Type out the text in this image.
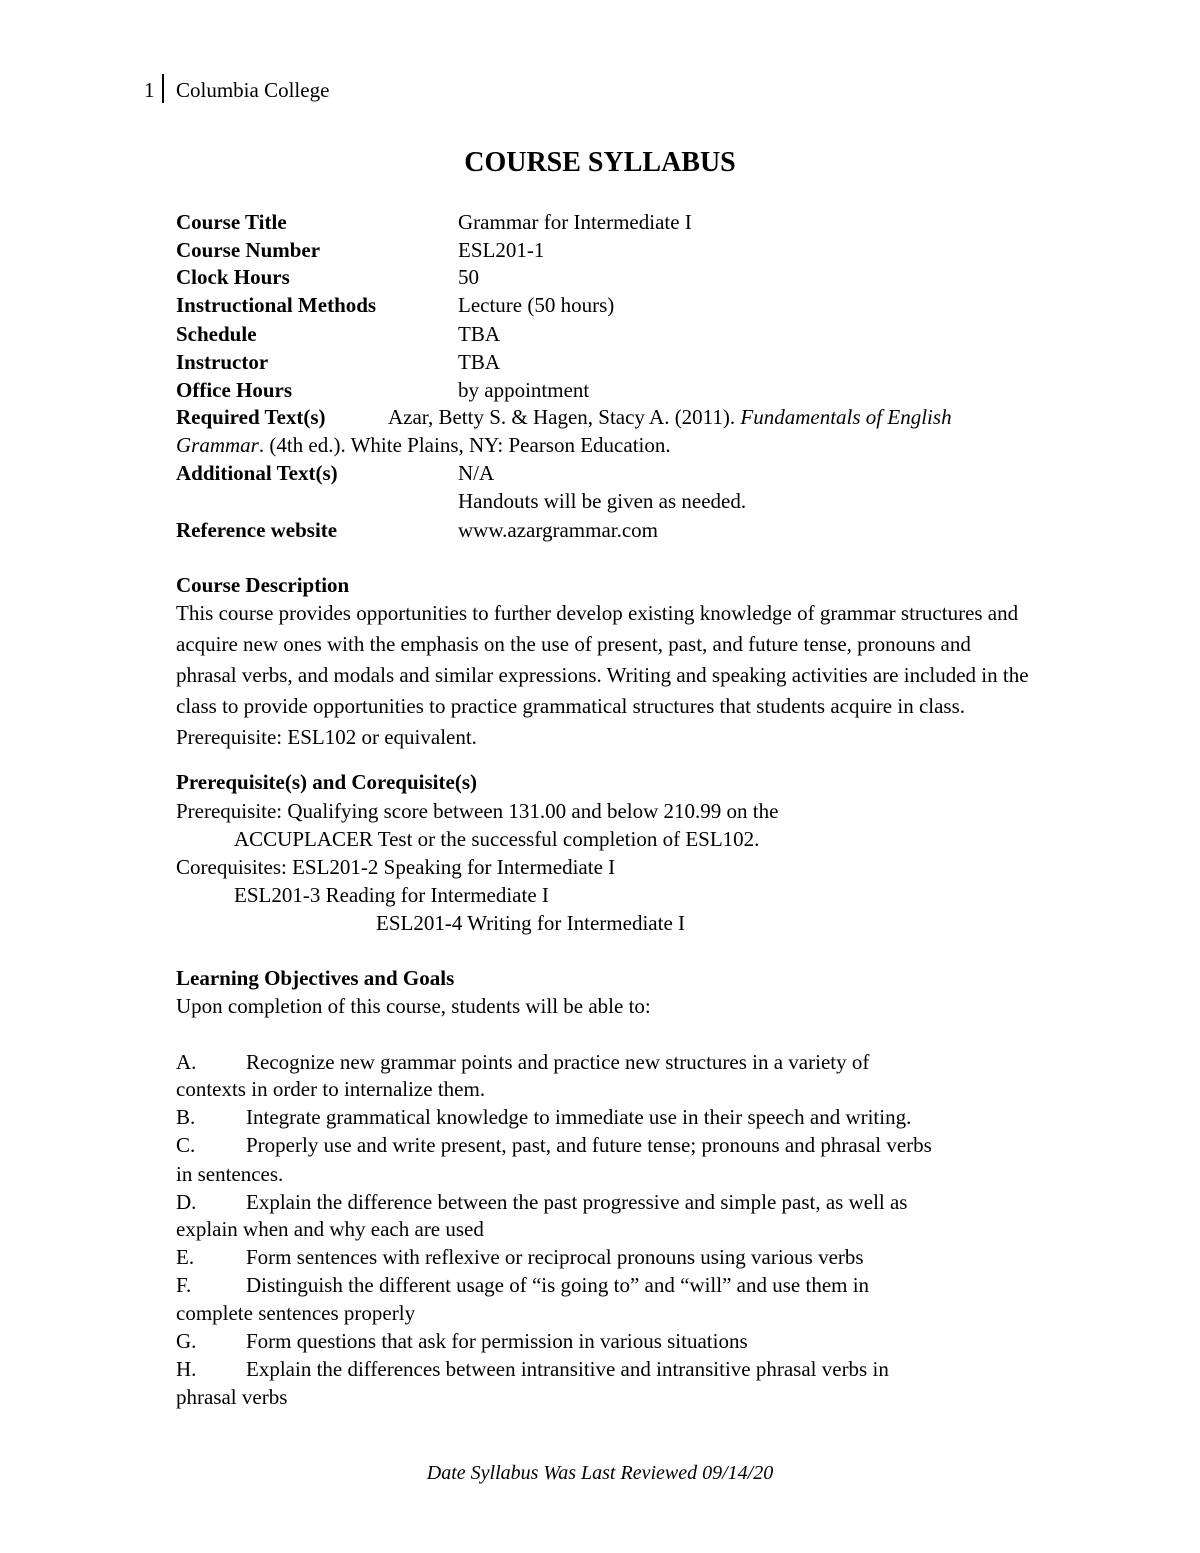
1 Columbia College
COURSE SYLLABUS
Course Title	Grammar for Intermediate I
Course Number	ESL201-1
Clock Hours	50
Instructional Methods	Lecture (50 hours)
Schedule	TBA
Instructor	TBA
Office Hours	by appointment
Required Text(s)	Azar, Betty S. & Hagen, Stacy A. (2011). Fundamentals of English
Grammar. (4th ed.). White Plains, NY: Pearson Education.
Additional Text(s)	N/A
Handouts will be given as needed.
Reference website	www.azargrammar.com
Course Description

This course provides opportunities to further develop existing knowledge of grammar structures and acquire new ones with the emphasis on the use of present, past, and future tense, pronouns and phrasal verbs, and modals and similar expressions. Writing and speaking activities are included in the class to provide opportunities to practice grammatical structures that students acquire in class. Prerequisite: ESL102 or equivalent.

Prerequisite(s) and Corequisite(s)
Prerequisite: Qualifying score between 131.00 and below 210.99 on the
ACCUPLACER Test or the successful completion of ESL102.
Corequisites: ESL201-2 Speaking for Intermediate I
ESL201-3 Reading for Intermediate I
ESL201-4 Writing for Intermediate I
Learning Objectives and Goals
Upon completion of this course, students will be able to:
A. Recognize new grammar points and practice new structures in a variety of
contexts in order to internalize them.
B. Integrate grammatical knowledge to immediate use in their speech and writing.
C. Properly use and write present, past, and future tense; pronouns and phrasal verbs
in sentences.
D. Explain the difference between the past progressive and simple past, as well as
explain when and why each are used
E. Form sentences with reflexive or reciprocal pronouns using various verbs
F.	Distinguish the different usage of “is going to” and “will” and use them in
complete sentences properly
G. Form questions that ask for permission in various situations
H. Explain the differences between intransitive and intransitive phrasal verbs in
phrasal verbs
Date Syllabus Was Last Reviewed 09/14/20
